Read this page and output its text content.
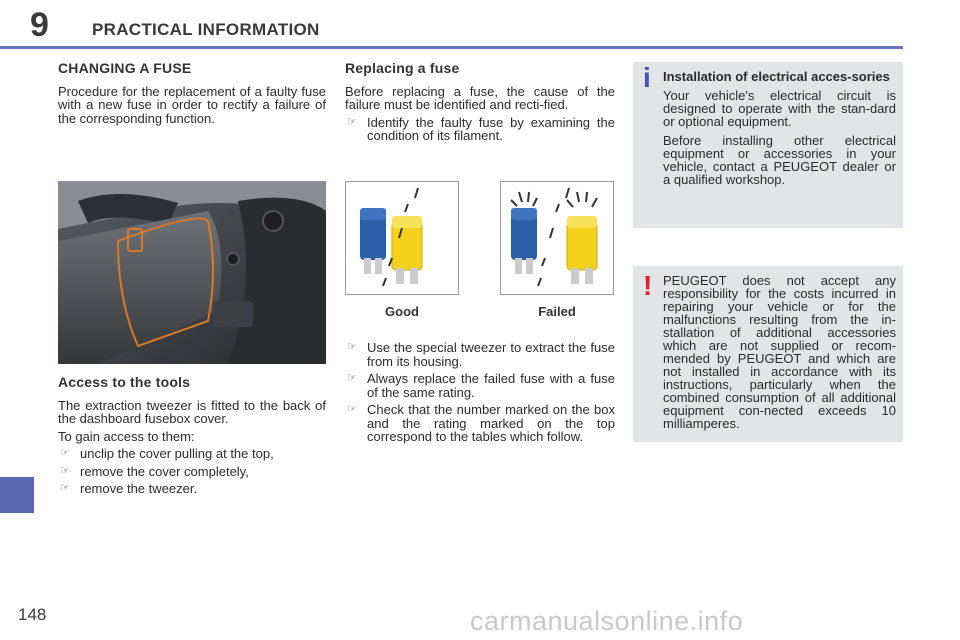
9	PRACTICAL INFORMATION
CHANGING A FUSE

Procedure for the replacement of a faulty fuse with a new fuse in order to rectify a failure of the corresponding function.

Access to the tools

The extraction tweezer is fitted to the back of the dashboard fusebox cover.

To gain access to them:

☞ unclip the cover pulling at the top,
☞ remove the cover completely,
☞ remove the tweezer.
Replacing a fuse

Before replacing a fuse, the cause of the failure must be identified and recti-fied.

☞ Identify the faulty fuse by examining the condition of its filament.
Good	Failed
☞ Use the special tweezer to extract the fuse from its housing.
☞ Always replace the failed fuse with a fuse of the same rating.
☞ Check that the number marked on the box and the rating marked on the top correspond to the tables which follow.
i Installation of electrical acces-sories

Your vehicle's electrical circuit is designed to operate with the stan-dard or optional equipment.

Before installing other electrical equipment or accessories in your vehicle, contact a PEUGEOT dealer or a qualified workshop.

! PEUGEOT does not accept any responsibility for the costs incurred in repairing your vehicle or for the malfunctions resulting from the in-stallation of additional accessories which are not supplied or recom-mended by PEUGEOT and which are not installed in accordance with its instructions, particularly when the combined consumption of all additional equipment con-nected exceeds 10 milliamperes.

148	carmanualsonline.info
